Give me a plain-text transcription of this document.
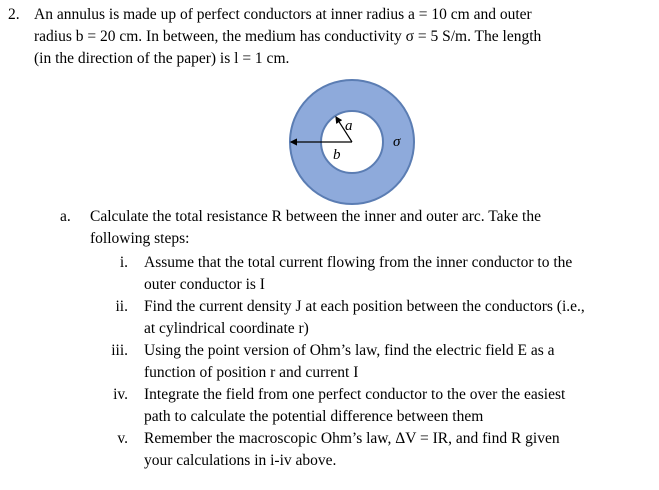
2. An annulus is made up of perfect conductors at inner radius a = 10 cm and outer
radius b = 20 cm. In between, the medium has conductivity σ = 5 S/m. The length
(in the direction of the paper) is l = 1 cm.
a
b
σ
a. Calculate the total resistance R between the inner and outer arc. Take the
following steps:
i. Assume that the total current flowing from the inner conductor to the
outer conductor is I
ii. Find the current density J at each position between the conductors (i.e.,
at cylindrical coordinate r)
iii. Using the point version of Ohm’s law, find the electric field E as a
function of position r and current I
iv. Integrate the field from one perfect conductor to the over the easiest
path to calculate the potential difference between them
v. Remember the macroscopic Ohm’s law, ΔV = IR, and find R given
your calculations in i-iv above.
